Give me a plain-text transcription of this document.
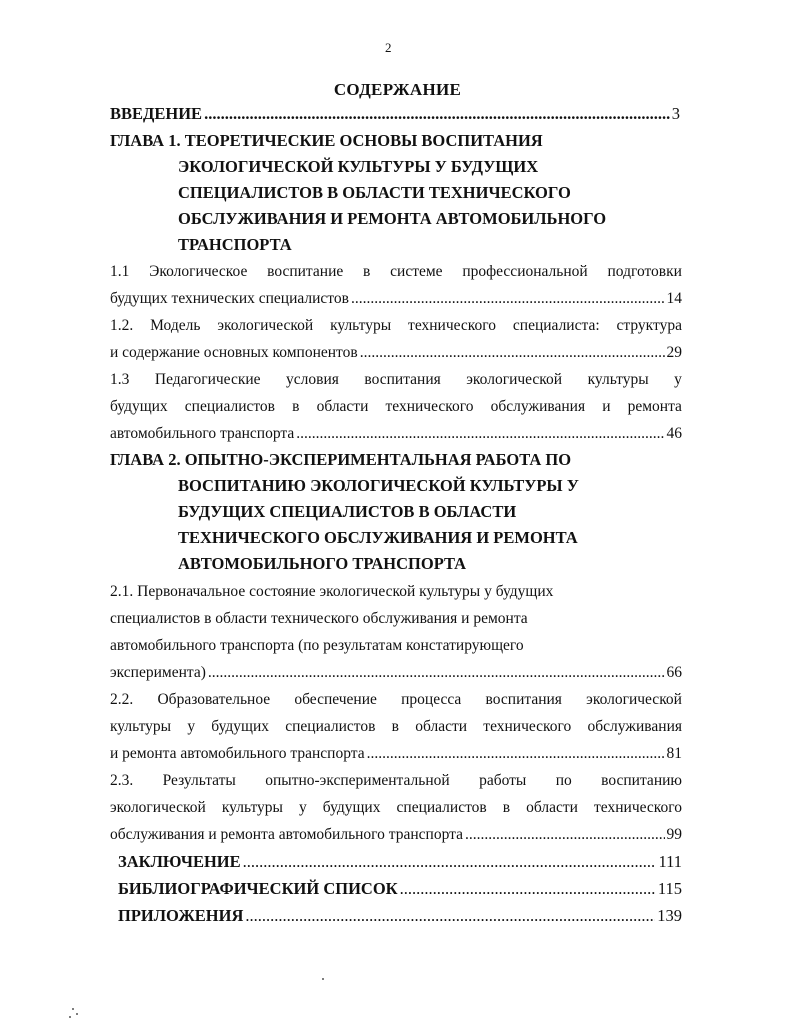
2
СОДЕРЖАНИЕ
ВВЕДЕНИЕ .....	3
ГЛАВА 1. ТЕОРЕТИЧЕСКИЕ ОСНОВЫ ВОСПИТАНИЯ
ЭКОЛОГИЧЕСКОЙ КУЛЬТУРЫ У БУДУЩИХ
СПЕЦИАЛИСТОВ В ОБЛАСТИ ТЕХНИЧЕСКОГО
ОБСЛУЖИВАНИЯ И РЕМОНТА АВТОМОБИЛЬНОГО
ТРАНСПОРТА
1.1 Экологическое воспитание в системе профессиональной подготовки
будущих технических специалистов .....	14
1.2. Модель экологической культуры технического специалиста: структура
и содержание основных компонентов .....	29
1.3 Педагогические условия воспитания экологической культуры у
будущих специалистов в области технического обслуживания и ремонта
автомобильного транспорта .....	46
ГЛАВА 2. ОПЫТНО-ЭКСПЕРИМЕНТАЛЬНАЯ РАБОТА ПО
ВОСПИТАНИЮ ЭКОЛОГИЧЕСКОЙ КУЛЬТУРЫ У
БУДУЩИХ СПЕЦИАЛИСТОВ В ОБЛАСТИ
ТЕХНИЧЕСКОГО ОБСЛУЖИВАНИЯ И РЕМОНТА
АВТОМОБИЛЬНОГО ТРАНСПОРТА
2.1. Первоначальное состояние экологической культуры у будущих
специалистов в области технического обслуживания и ремонта
автомобильного транспорта (по результатам констатирующего
эксперимента) .....	66
2.2. Образовательное обеспечение процесса воспитания экологической
культуры у будущих специалистов в области технического обслуживания
и ремонта автомобильного транспорта .....	81
2.3. Результаты опытно-экспериментальной работы по воспитанию
экологической культуры у будущих специалистов в области технического
обслуживания и ремонта автомобильного транспорта .....	99
ЗАКЛЮЧЕНИЕ .....	111
БИБЛИОГРАФИЧЕСКИЙ СПИСОК .....	115
ПРИЛОЖЕНИЯ .....	139
